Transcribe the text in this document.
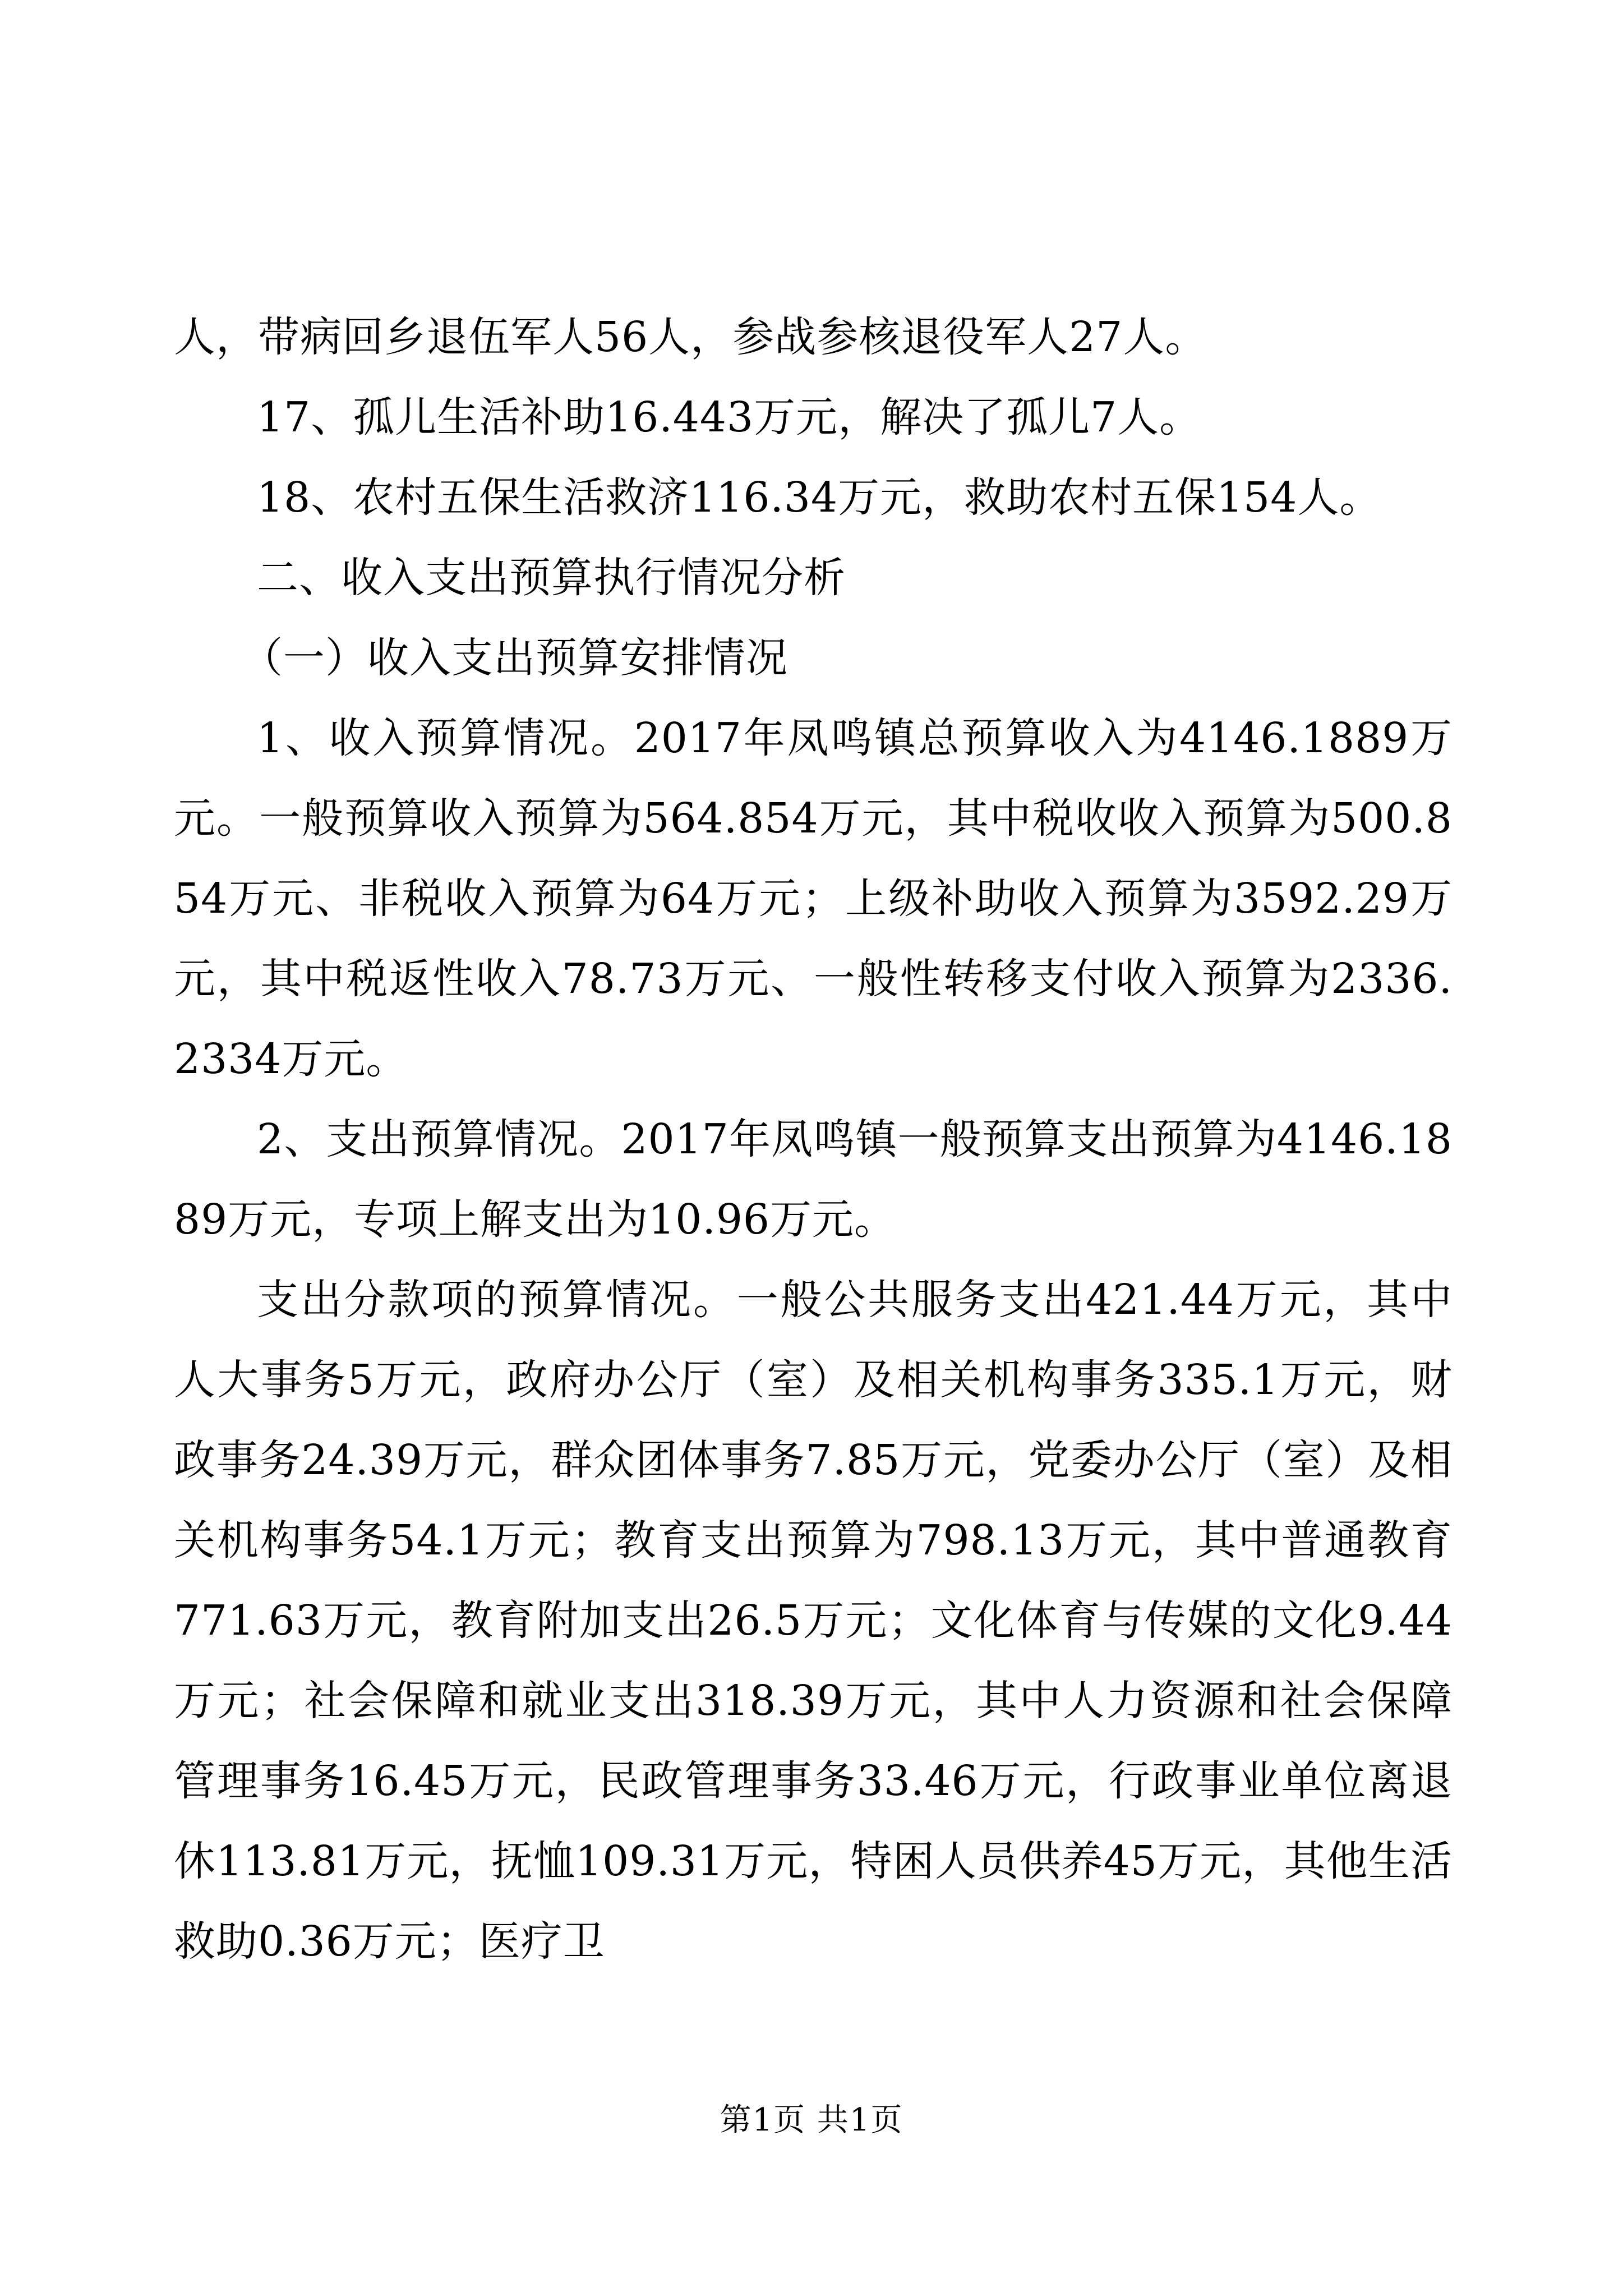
人，带病回乡退伍军人56人，参战参核退役军人27人。

17、孤儿生活补助16.443万元，解决了孤儿7人。

18、农村五保生活救济116.34万元，救助农村五保154人。

二、收入支出预算执行情况分析

（一）收入支出预算安排情况

1、收入预算情况。2017年凤鸣镇总预算收入为4146.1889万元。一般预算收入预算为564.854万元，其中税收收入预算为500.854万元、非税收入预算为64万元；上级补助收入预算为3592.29万元，其中税返性收入78.73万元、一般性转移支付收入预算为2336.2334万元。

2、支出预算情况。2017年凤鸣镇一般预算支出预算为4146.1889万元，专项上解支出为10.96万元。

支出分款项的预算情况。一般公共服务支出421.44万元，其中人大事务5万元，政府办公厅（室）及相关机构事务335.1万元，财政事务24.39万元，群众团体事务7.85万元，党委办公厅（室）及相关机构事务54.1万元；教育支出预算为798.13万元，其中普通教育771.63万元，教育附加支出26.5万元；文化体育与传媒的文化9.44万元；社会保障和就业支出318.39万元，其中人力资源和社会保障管理事务16.45万元，民政管理事务33.46万元，行政事业单位离退休113.81万元，抚恤109.31万元，特困人员供养45万元，其他生活救助0.36万元；医疗卫

第1页 共1页
